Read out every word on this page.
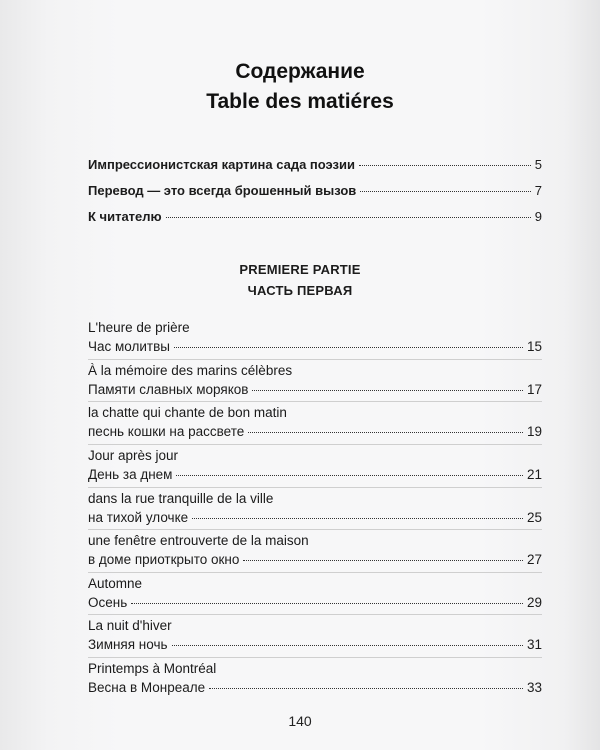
Содержание
Table des matiéres
Импрессионистская картина сада поэзии	5
Перевод — это всегда брошенный вызов	7
К читателю	9
PREMIERE PARTIE
ЧАСТЬ ПЕРВАЯ
L'heure de prière
Час молитвы	15
À la mémoire des marins célèbres
Памяти славных моряков	17
la chatte qui chante de bon matin
песнь кошки на рассвете	19
Jour après jour
День за днем	21
dans la rue tranquille de la ville
на тихой улочке	25
une fenêtre entrouverte de la maison
в доме приоткрыто окно	27
Automne
Осень	29
La nuit d'hiver
Зимняя ночь	31
Printemps à Montréal
Весна в Монреале	33
140
